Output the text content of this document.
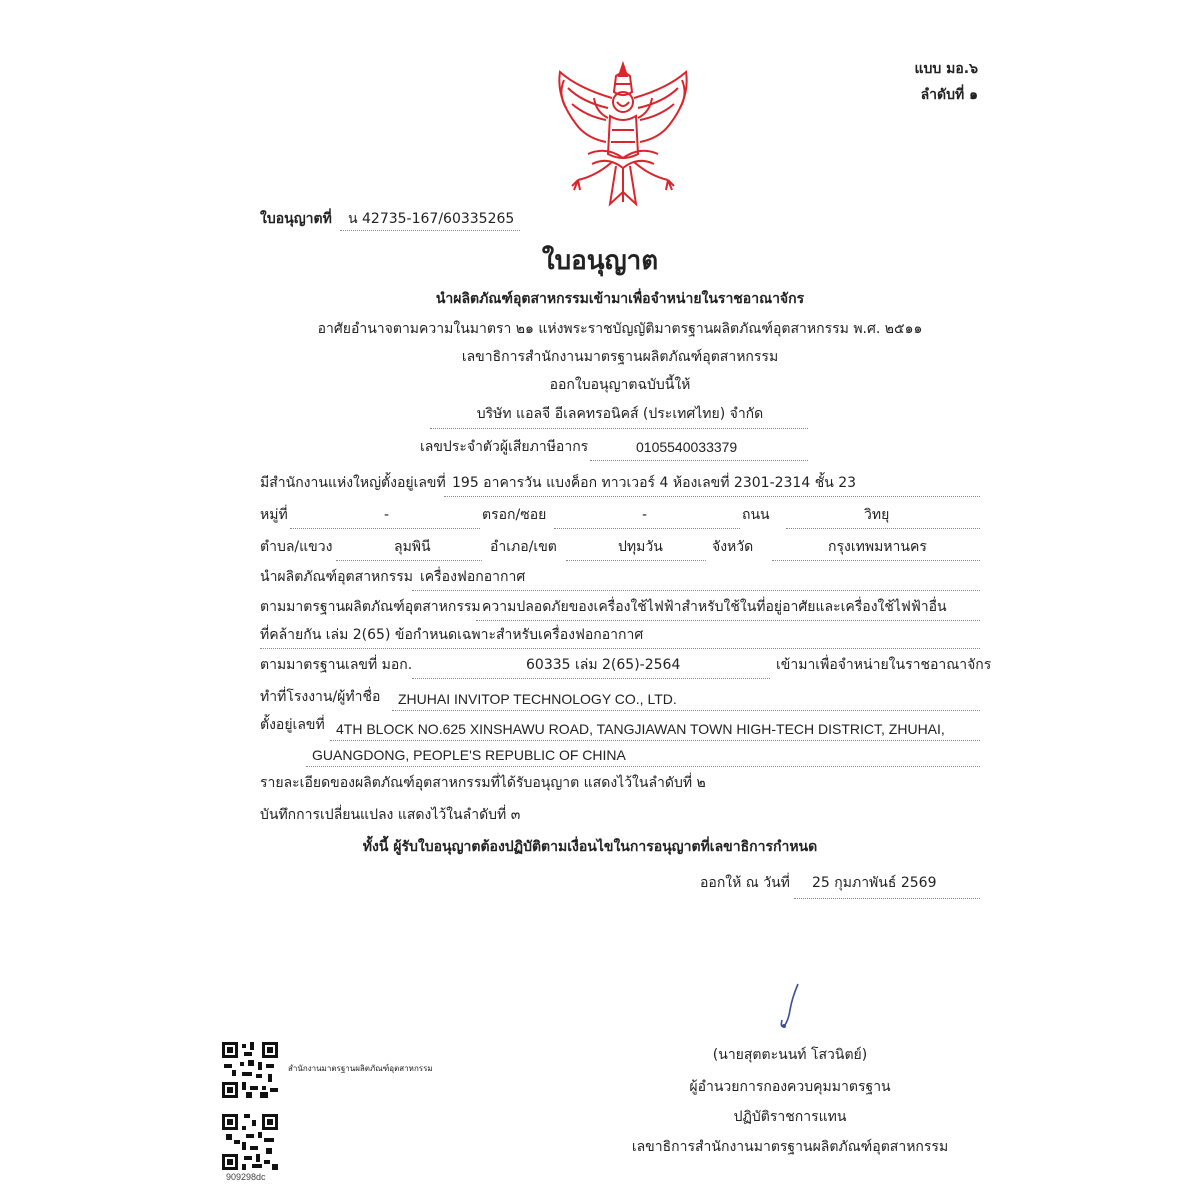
แบบ มอ.๖
ลำดับที่ ๑
ใบอนุญาตที่ น 42735-167/60335265
ใบอนุญาต
นำผลิตภัณฑ์อุตสาหกรรมเข้ามาเพื่อจำหน่ายในราชอาณาจักร
อาศัยอำนาจตามความในมาตรา ๒๑ แห่งพระราชบัญญัติมาตรฐานผลิตภัณฑ์อุตสาหกรรม พ.ศ. ๒๕๑๑
เลขาธิการสำนักงานมาตรฐานผลิตภัณฑ์อุตสาหกรรม
ออกใบอนุญาตฉบับนี้ให้
บริษัท แอลจี อีเลคทรอนิคส์ (ประเทศไทย) จำกัด
เลขประจำตัวผู้เสียภาษีอากร	0105540033379
มีสำนักงานแห่งใหญ่ตั้งอยู่เลขที่ 195 อาคารวัน แบงค็อก ทาวเวอร์ 4 ห้องเลขที่ 2301-2314 ชั้น 23
หมู่ที่	-	ตรอก/ซอย	-	ถนน	วิทยุ
ตำบล/แขวง	ลุมพินี	อำเภอ/เขต	ปทุมวัน	จังหวัด	กรุงเทพมหานคร
นำผลิตภัณฑ์อุตสาหกรรม เครื่องฟอกอากาศ
ตามมาตรฐานผลิตภัณฑ์อุตสาหกรรม ความปลอดภัยของเครื่องใช้ไฟฟ้าสำหรับใช้ในที่อยู่อาศัยและเครื่องใช้ไฟฟ้าอื่น
ที่คล้ายกัน เล่ม 2(65) ข้อกำหนดเฉพาะสำหรับเครื่องฟอกอากาศ
ตามมาตรฐานเลขที่ มอก.	60335 เล่ม 2(65)-2564	เข้ามาเพื่อจำหน่ายในราชอาณาจักร
ทำที่โรงงาน/ผู้ทำชื่อ ZHUHAI INVITOP TECHNOLOGY CO., LTD.
ตั้งอยู่เลขที่ 4TH BLOCK NO.625 XINSHAWU ROAD, TANGJIAWAN TOWN HIGH-TECH DISTRICT, ZHUHAI,
GUANGDONG, PEOPLE'S REPUBLIC OF CHINA
รายละเอียดของผลิตภัณฑ์อุตสาหกรรมที่ได้รับอนุญาต แสดงไว้ในลำดับที่ ๒
บันทึกการเปลี่ยนแปลง แสดงไว้ในลำดับที่ ๓
ทั้งนี้ ผู้รับใบอนุญาตต้องปฏิบัติตามเงื่อนไขในการอนุญาตที่เลขาธิการกำหนด
ออกให้ ณ วันที่ 25 กุมภาพันธ์ 2569
(นายสุตตะนนท์ โสวนิตย์)
ผู้อำนวยการกองควบคุมมาตรฐาน
ปฏิบัติราชการแทน
เลขาธิการสำนักงานมาตรฐานผลิตภัณฑ์อุตสาหกรรม
สำนักงานมาตรฐานผลิตภัณฑ์อุตสาหกรรม
909298dc
